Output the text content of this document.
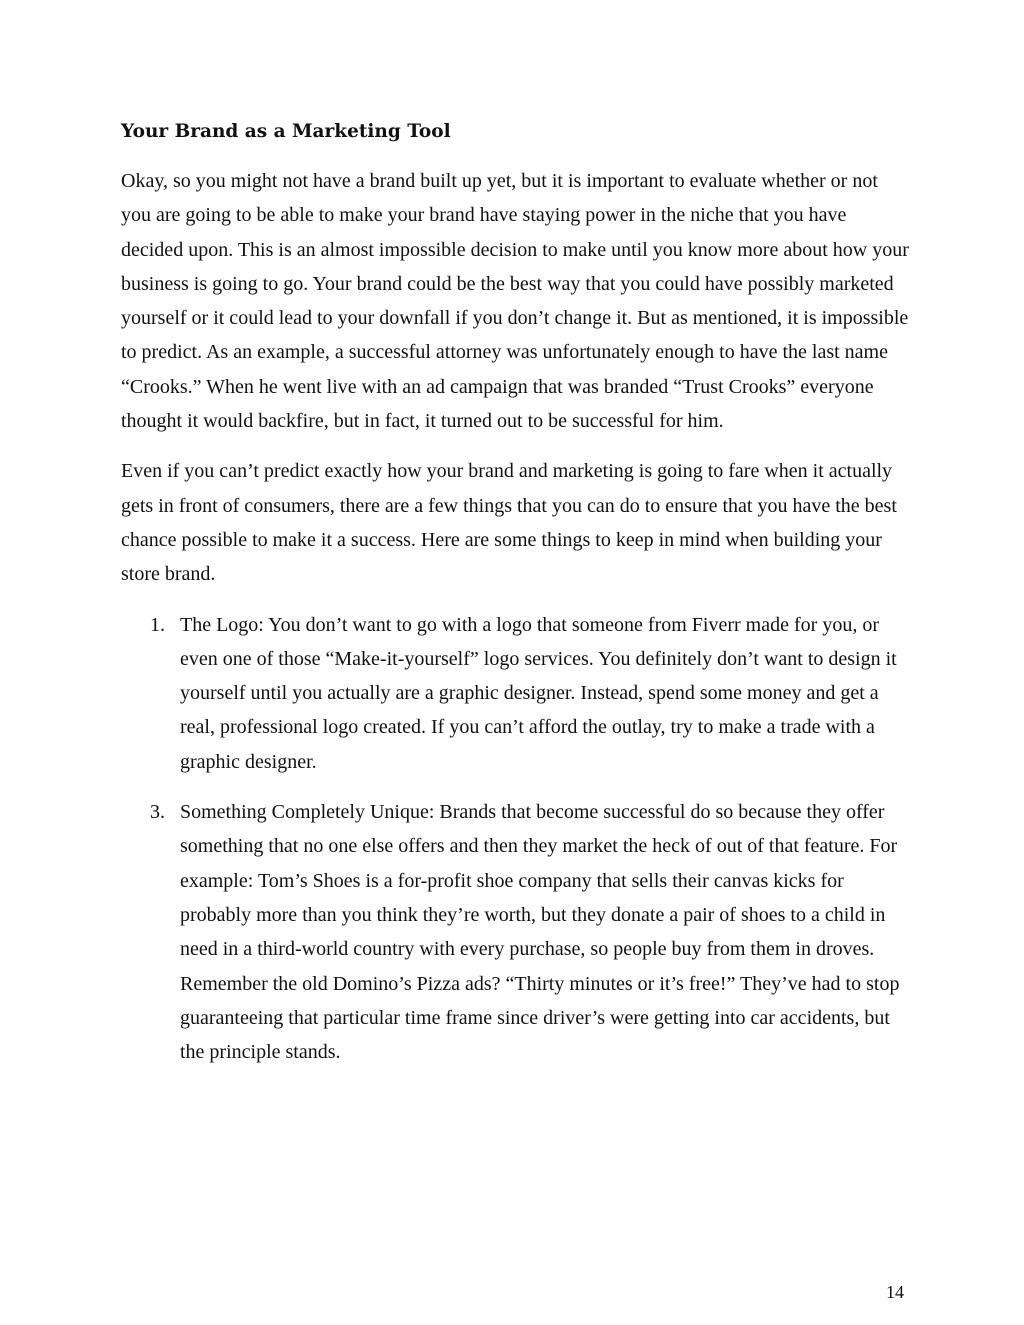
Your Brand as a Marketing Tool

Okay, so you might not have a brand built up yet, but it is important to evaluate whether or not you are going to be able to make your brand have staying power in the niche that you have decided upon. This is an almost impossible decision to make until you know more about how your business is going to go. Your brand could be the best way that you could have possibly marketed yourself or it could lead to your downfall if you don’t change it. But as mentioned, it is impossible to predict. As an example, a successful attorney was unfortunately enough to have the last name “Crooks.” When he went live with an ad campaign that was branded “Trust Crooks” everyone thought it would backfire, but in fact, it turned out to be successful for him.

Even if you can’t predict exactly how your brand and marketing is going to fare when it actually gets in front of consumers, there are a few things that you can do to ensure that you have the best chance possible to make it a success. Here are some things to keep in mind when building your store brand.

1. The Logo: You don’t want to go with a logo that someone from Fiverr made for you, or even one of those “Make-it-yourself” logo services. You definitely don’t want to design it yourself until you actually are a graphic designer. Instead, spend some money and get a real, professional logo created. If you can’t afford the outlay, try to make a trade with a graphic designer.
3. Something Completely Unique: Brands that become successful do so because they offer something that no one else offers and then they market the heck of out of that feature. For example: Tom’s Shoes is a for-profit shoe company that sells their canvas kicks for probably more than you think they’re worth, but they donate a pair of shoes to a child in need in a third-world country with every purchase, so people buy from them in droves. Remember the old Domino’s Pizza ads? “Thirty minutes or it’s free!” They’ve had to stop guaranteeing that particular time frame since driver’s were getting into car accidents, but the principle stands.
14
